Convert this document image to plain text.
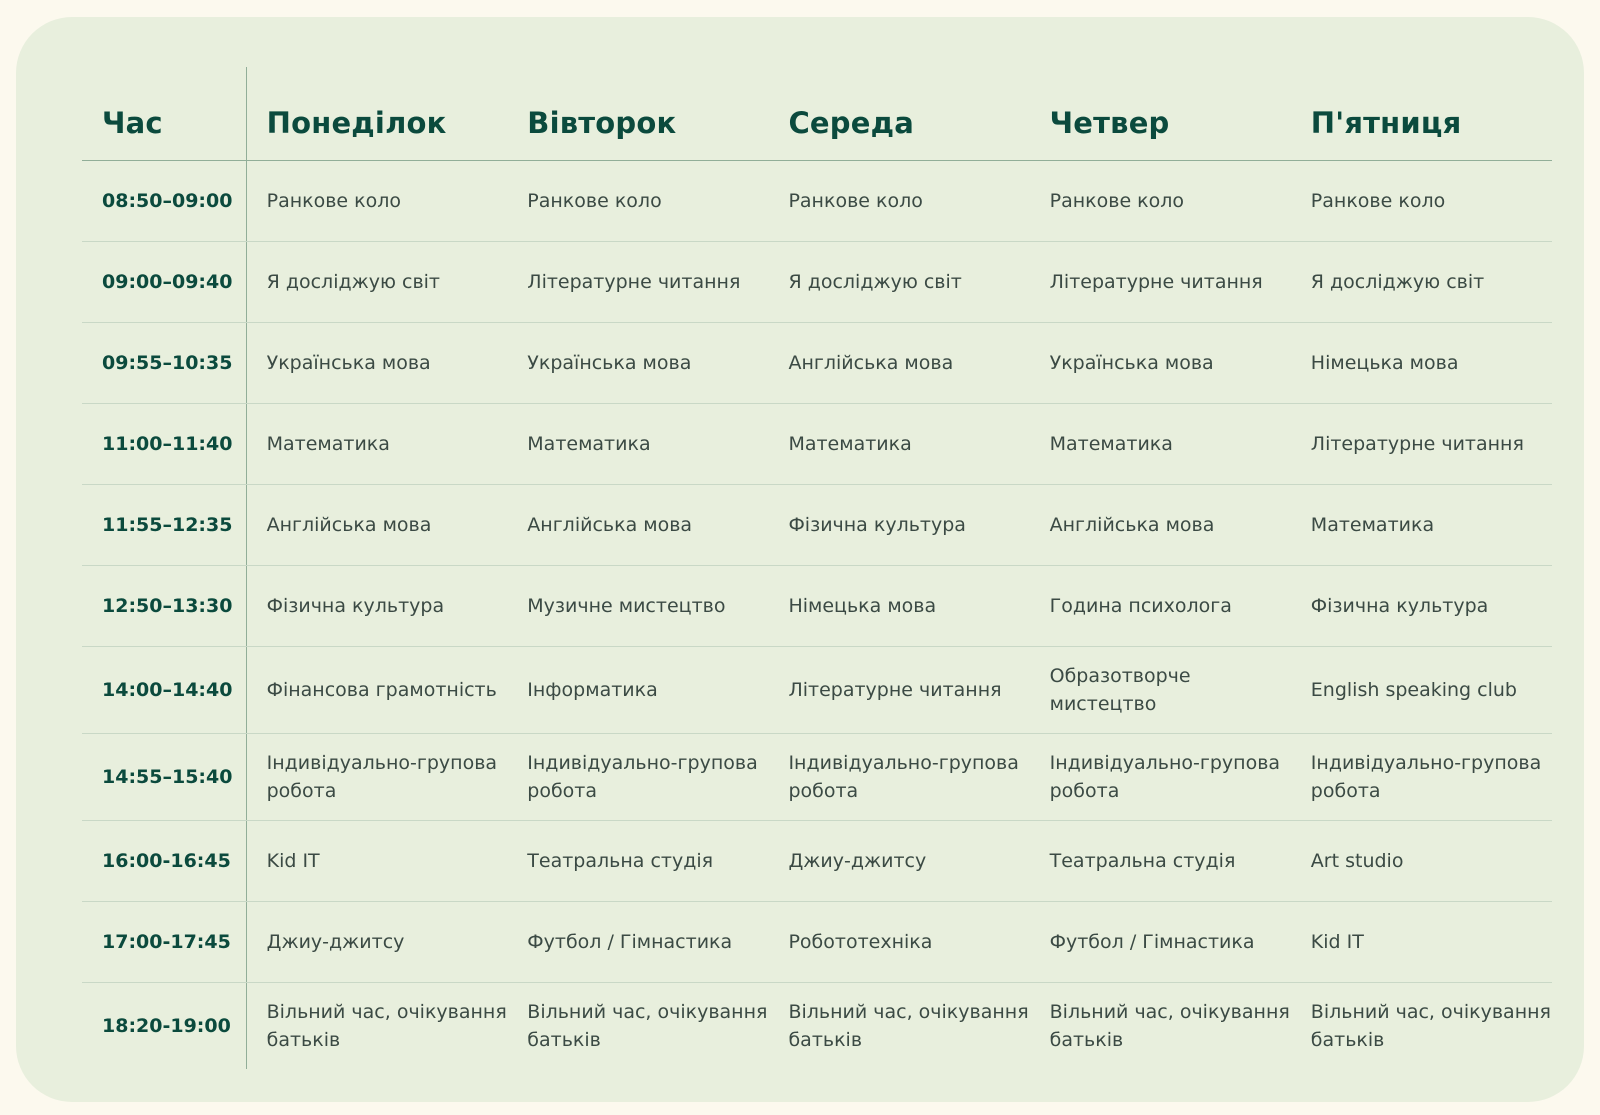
Час	Понеділок	Вівторок	Середа	Четвер	П'ятниця
08:50–09:00	Ранкове коло	Ранкове коло	Ранкове коло	Ранкове коло	Ранкове коло
09:00–09:40	Я досліджую світ	Літературне читання	Я досліджую світ	Літературне читання	Я досліджую світ
09:55–10:35	Українська мова	Українська мова	Англійська мова	Українська мова	Німецька мова
11:00–11:40	Математика	Математика	Математика	Математика	Літературне читання
11:55–12:35	Англійська мова	Англійська мова	Фізична культура	Англійська мова	Математика
12:50–13:30	Фізична культура	Музичне мистецтво	Німецька мова	Година психолога	Фізична культура
14:00–14:40	Фінансова грамотність	Інформатика	Літературне читання	Образотворче мистецтво	English speaking club
14:55–15:40	Індивідуально-групова робота	Індивідуально-групова робота	Індивідуально-групова робота	Індивідуально-групова робота	Індивідуально-групова робота
16:00-16:45	Kid IT	Театральна студія	Джиу-джитсу	Театральна студія	Art studio
17:00-17:45	Джиу-джитсу	Футбол / Гімнастика	Робототехніка	Футбол / Гімнастика	Kid IT
18:20-19:00	Вільний час, очікування батьків	Вільний час, очікування батьків	Вільний час, очікування батьків	Вільний час, очікування батьків	Вільний час, очікування батьків
